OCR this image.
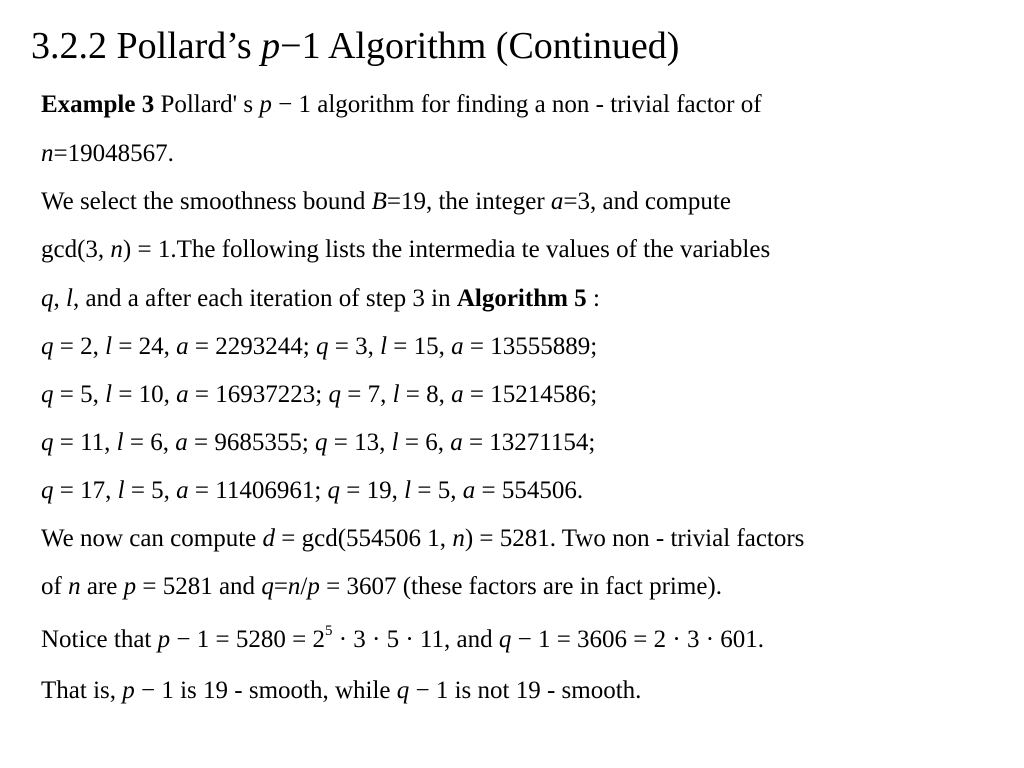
3.2.2 Pollard’s p−1 Algorithm (Continued)
Example 3 Pollard' s p − 1 algorithm for finding a non - trivial factor of
n=19048567.
We select the smoothness bound B=19, the integer a=3, and compute
gcd(3, n) = 1.The following lists the intermedia te values of the variables
q, l, and a after each iteration of step 3 in Algorithm 5 :
q = 2, l = 24, a = 2293244; q = 3, l = 15, a = 13555889;
q = 5, l = 10, a = 16937223; q = 7, l = 8, a = 15214586;
q = 11, l = 6, a = 9685355; q = 13, l = 6, a = 13271154;
q = 17, l = 5, a = 11406961; q = 19, l = 5, a = 554506.
We now can compute d = gcd(554506 1, n) = 5281. Two non - trivial factors
of n are p = 5281 and q=n/p = 3607 (these factors are in fact prime).
Notice that $p - 1 = 5280 = 2^5 \cdot 3 \cdot 5 \cdot 11$, and q − 1 = 3606 = 2 · 3 · 601.
That is, p − 1 is 19 - smooth, while q − 1 is not 19 - smooth.
